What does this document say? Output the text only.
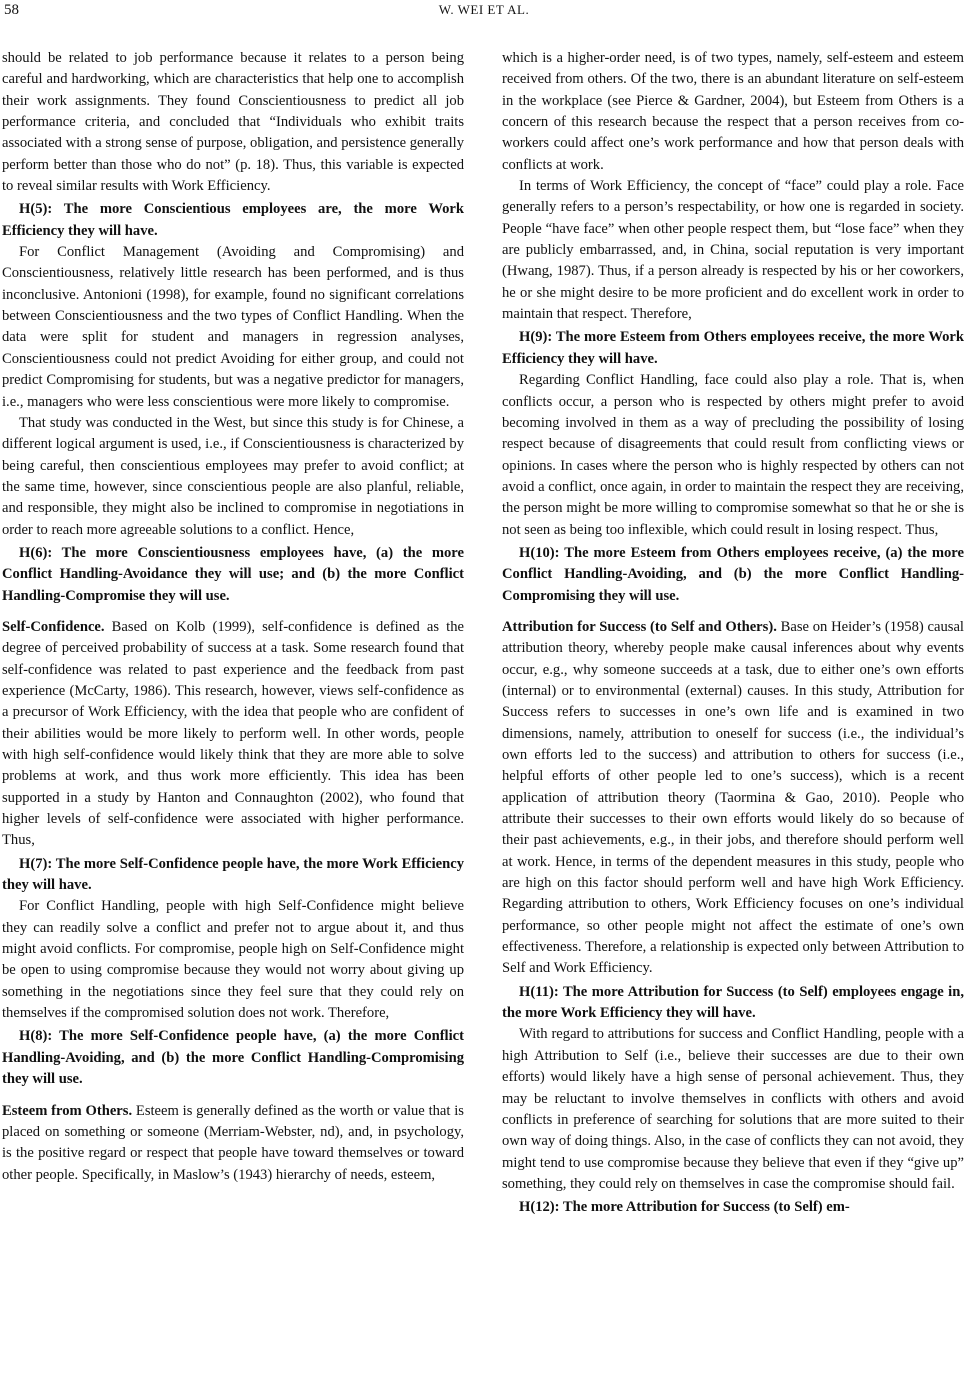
58	W. WEI ET AL.

should be related to job performance because it relates to a person being careful and hardworking, which are characteristics that help one to accomplish their work assignments. They found Conscientiousness to predict all job performance criteria, and concluded that “Individuals who exhibit traits associated with a strong sense of purpose, obligation, and persistence generally perform better than those who do not” (p. 18). Thus, this variable is expected to reveal similar results with Work Efficiency.

H(5): The more Conscientious employees are, the more Work Efficiency they will have.

For Conflict Management (Avoiding and Compromising) and Conscientiousness, relatively little research has been performed, and is thus inconclusive. Antonioni (1998), for example, found no significant correlations between Conscientiousness and the two types of Conflict Handling. When the data were split for student and managers in regression analyses, Conscientiousness could not predict Avoiding for either group, and could not predict Compromising for students, but was a negative predictor for managers, i.e., managers who were less conscientious were more likely to compromise.

That study was conducted in the West, but since this study is for Chinese, a different logical argument is used, i.e., if Conscientiousness is characterized by being careful, then conscientious employees may prefer to avoid conflict; at the same time, however, since conscientious people are also planful, reliable, and responsible, they might also be inclined to compromise in negotiations in order to reach more agreeable solutions to a conflict. Hence,

H(6): The more Conscientiousness employees have, (a) the more Conflict Handling-Avoidance they will use; and (b) the more Conflict Handling-Compromise they will use.

Self-Confidence. Based on Kolb (1999), self-confidence is defined as the degree of perceived probability of success at a task. Some research found that self-confidence was related to past experience and the feedback from past experience (McCarty, 1986). This research, however, views self-confidence as a precursor of Work Efficiency, with the idea that people who are confident of their abilities would be more likely to perform well. In other words, people with high self-confidence would likely think that they are more able to solve problems at work, and thus work more efficiently. This idea has been supported in a study by Hanton and Connaughton (2002), who found that higher levels of self-confidence were associated with higher performance. Thus,

H(7): The more Self-Confidence people have, the more Work Efficiency they will have.

For Conflict Handling, people with high Self-Confidence might believe they can readily solve a conflict and prefer not to argue about it, and thus might avoid conflicts. For compromise, people high on Self-Confidence might be open to using compromise because they would not worry about giving up something in the negotiations since they feel sure that they could rely on themselves if the compromised solution does not work. Therefore,

H(8): The more Self-Confidence people have, (a) the more Conflict Handling-Avoiding, and (b) the more Conflict Handling-Compromising they will use.

Esteem from Others. Esteem is generally defined as the worth or value that is placed on something or someone (Merriam-Webster, nd), and, in psychology, is the positive regard or respect that people have toward themselves or toward other people. Specifically, in Maslow’s (1943) hierarchy of needs, esteem,

which is a higher-order need, is of two types, namely, self-esteem and esteem received from others. Of the two, there is an abundant literature on self-esteem in the workplace (see Pierce & Gardner, 2004), but Esteem from Others is a concern of this research because the respect that a person receives from co-workers could affect one’s work performance and how that person deals with conflicts at work.

In terms of Work Efficiency, the concept of “face” could play a role. Face generally refers to a person’s respectability, or how one is regarded in society. People “have face” when other people respect them, but “lose face” when they are publicly embarrassed, and, in China, social reputation is very important (Hwang, 1987). Thus, if a person already is respected by his or her coworkers, he or she might desire to be more proficient and do excellent work in order to maintain that respect. Therefore,

H(9): The more Esteem from Others employees receive, the more Work Efficiency they will have.

Regarding Conflict Handling, face could also play a role. That is, when conflicts occur, a person who is respected by others might prefer to avoid becoming involved in them as a way of precluding the possibility of losing respect because of disagreements that could result from conflicting views or opinions. In cases where the person who is highly respected by others can not avoid a conflict, once again, in order to maintain the respect they are receiving, the person might be more willing to compromise somewhat so that he or she is not seen as being too inflexible, which could result in losing respect. Thus,

H(10): The more Esteem from Others employees receive, (a) the more Conflict Handling-Avoiding, and (b) the more Conflict Handling-Compromising they will use.

Attribution for Success (to Self and Others). Base on Heider’s (1958) causal attribution theory, whereby people make causal inferences about why events occur, e.g., why someone succeeds at a task, due to either one’s own efforts (internal) or to environmental (external) causes. In this study, Attribution for Success refers to successes in one’s own life and is examined in two dimensions, namely, attribution to oneself for success (i.e., the individual’s own efforts led to the success) and attribution to others for success (i.e., helpful efforts of other people led to one’s success), which is a recent application of attribution theory (Taormina & Gao, 2010). People who attribute their successes to their own efforts would likely do so because of their past achievements, e.g., in their jobs, and therefore should perform well at work. Hence, in terms of the dependent measures in this study, people who are high on this factor should perform well and have high Work Efficiency. Regarding attribution to others, Work Efficiency focuses on one’s individual performance, so other people might not affect the estimate of one’s own effectiveness. Therefore, a relationship is expected only between Attribution to Self and Work Efficiency.

H(11): The more Attribution for Success (to Self) employees engage in, the more Work Efficiency they will have.

With regard to attributions for success and Conflict Handling, people with a high Attribution to Self (i.e., believe their successes are due to their own efforts) would likely have a high sense of personal achievement. Thus, they may be reluctant to involve themselves in conflicts with others and avoid conflicts in preference of searching for solutions that are more suited to their own way of doing things. Also, in the case of conflicts they can not avoid, they might tend to use compromise because they believe that even if they “give up” something, they could rely on themselves in case the compromise should fail.

H(12): The more Attribution for Success (to Self) em-
